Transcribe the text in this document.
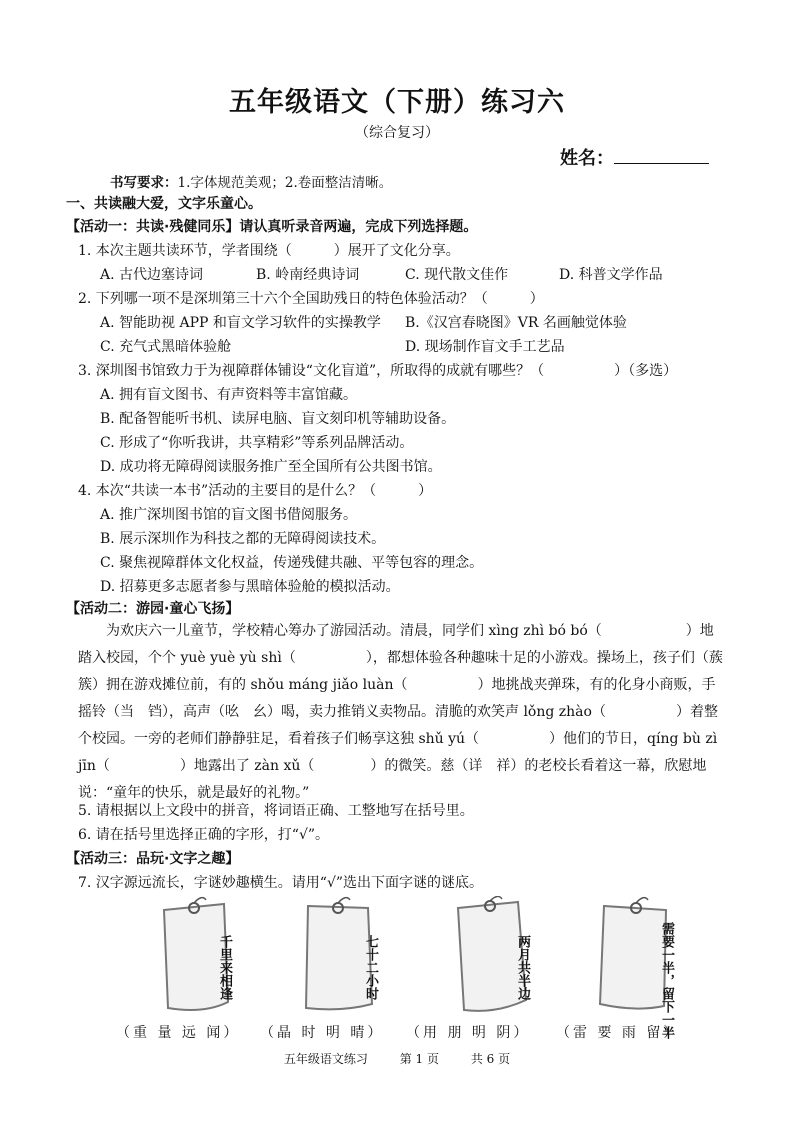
五年级语文（下册）练习六
（综合复习）
姓名：
书写要求：1.字体规范美观；2.卷面整洁清晰。
一、共读融大爱，文字乐童心。
【活动一：共读·残健同乐】请认真听录音两遍，完成下列选择题。
1. 本次主题共读环节，学者围绕（　　　）展开了文化分享。
A. 古代边塞诗词	B. 岭南经典诗词	C. 现代散文佳作	D. 科普文学作品
2. 下列哪一项不是深圳第三十六个全国助残日的特色体验活动？（　　　）
A. 智能助视 APP 和盲文学习软件的实操教学 B.《汉宫春晓图》VR 名画触觉体验
C. 充气式黑暗体验舱	D. 现场制作盲文手工艺品
3. 深圳图书馆致力于为视障群体铺设“文化盲道”，所取得的成就有哪些？（　　　　　）（多选）
A. 拥有盲文图书、有声资料等丰富馆藏。
B. 配备智能听书机、读屏电脑、盲文刻印机等辅助设备。
C. 形成了“你听我讲，共享精彩”等系列品牌活动。
D. 成功将无障碍阅读服务推广至全国所有公共图书馆。
4. 本次“共读一本书”活动的主要目的是什么？（　　　）
A. 推广深圳图书馆的盲文图书借阅服务。
B. 展示深圳作为科技之都的无障碍阅读技术。
C. 聚焦视障群体文化权益，传递残健共融、平等包容的理念。
D. 招募更多志愿者参与黑暗体验舱的模拟活动。
【活动二：游园·童心飞扬】

　　为欢庆六一儿童节，学校精心筹办了游园活动。清晨，同学们 xìng zhì bó bó（　　　　　　）地踏入校园，个个 yuè yuè yù shì（　　　　　），都想体验各种趣味十足的小游戏。操场上，孩子们（蔟　簇）拥在游戏摊位前，有的 shǒu máng jiǎo luàn（　　　　　）地挑战夹弹珠，有的化身小商贩，手摇铃（当　铛），高声（吆　幺）喝，卖力推销义卖物品。清脆的欢笑声 lǒng zhào（　　　　　）着整个校园。一旁的老师们静静驻足，看着孩子们畅享这独 shǔ yú（　　　　　）他们的节日，qíng bù zì jīn（　　　　　）地露出了 zàn xǔ（　　　　）的微笑。慈（详　祥）的老校长看着这一幕，欣慰地说：“童年的快乐，就是最好的礼物。”

5. 请根据以上文段中的拼音，将词语正确、工整地写在括号里。
6. 请在括号里选择正确的字形，打“√”。
【活动三：品玩·文字之趣】
7. 汉字源远流长，字谜妙趣横生。请用“√”选出下面字谜的谜底。
千里来相逢	七十二小时	两月共半边	需要一半，留下一半
（重 量 远 闻） （晶 时 明 晴） （用 朋 明 阴） （雷 要 雨 留）
五年级语文练习	第 1 页	共 6 页
